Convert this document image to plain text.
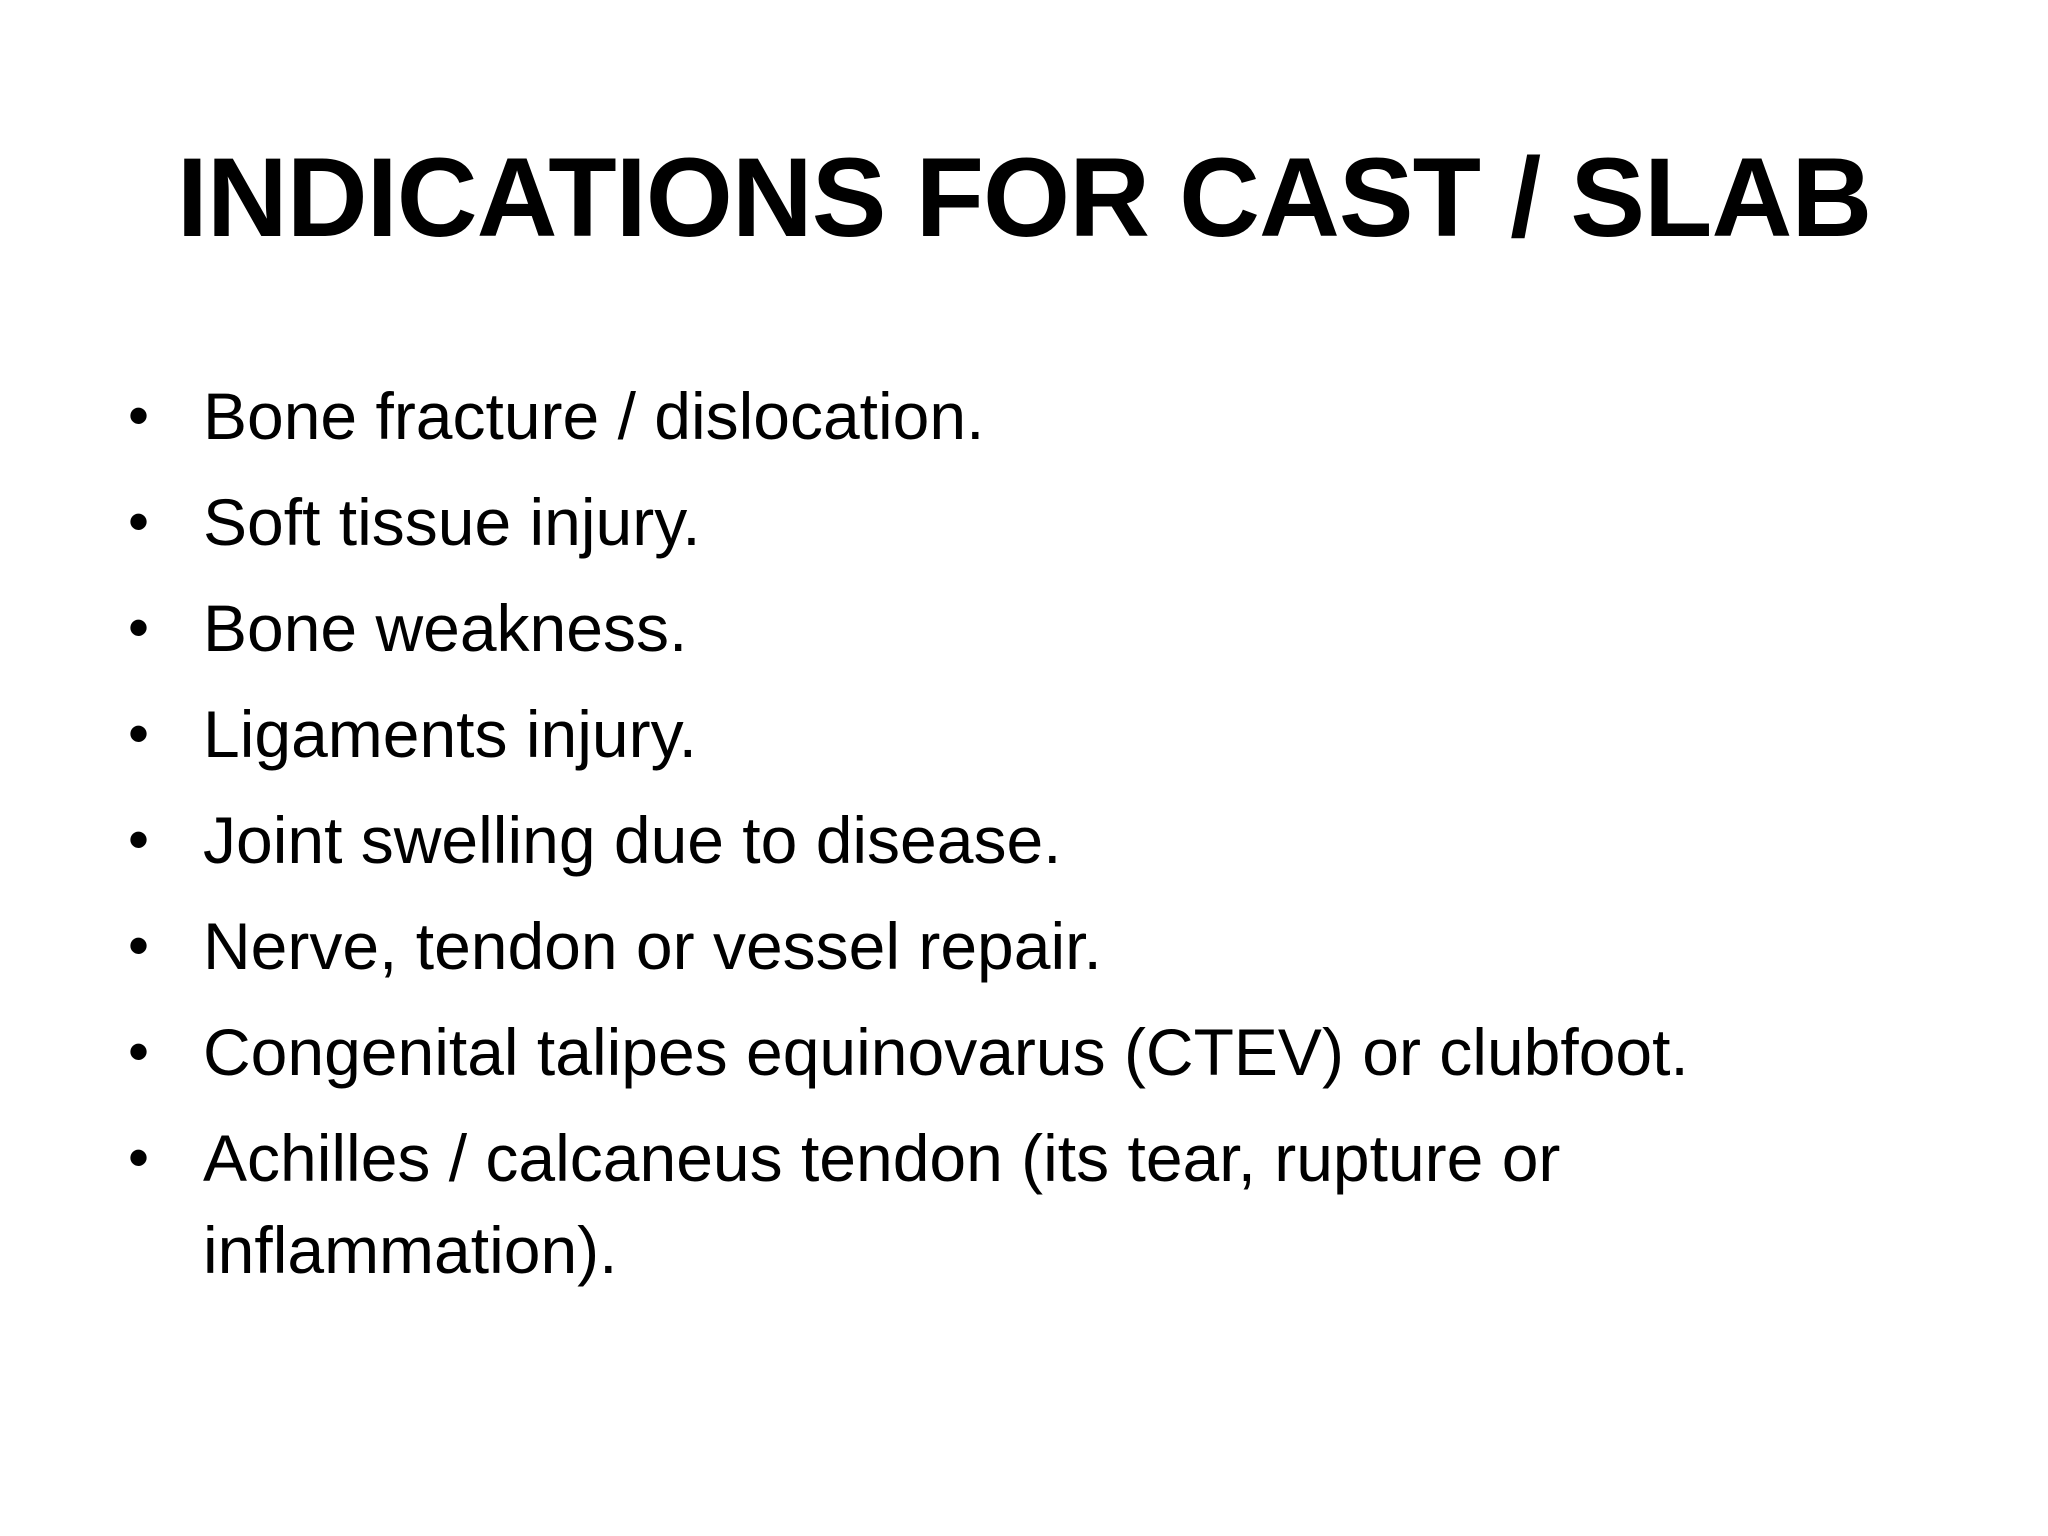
INDICATIONS FOR CAST / SLAB
• Bone fracture / dislocation.
• Soft tissue injury.
• Bone weakness.
• Ligaments injury.
• Joint swelling due to disease.
• Nerve, tendon or vessel repair.
• Congenital talipes equinovarus (CTEV) or clubfoot.
• Achilles / calcaneus tendon (its tear, rupture or inflammation).
